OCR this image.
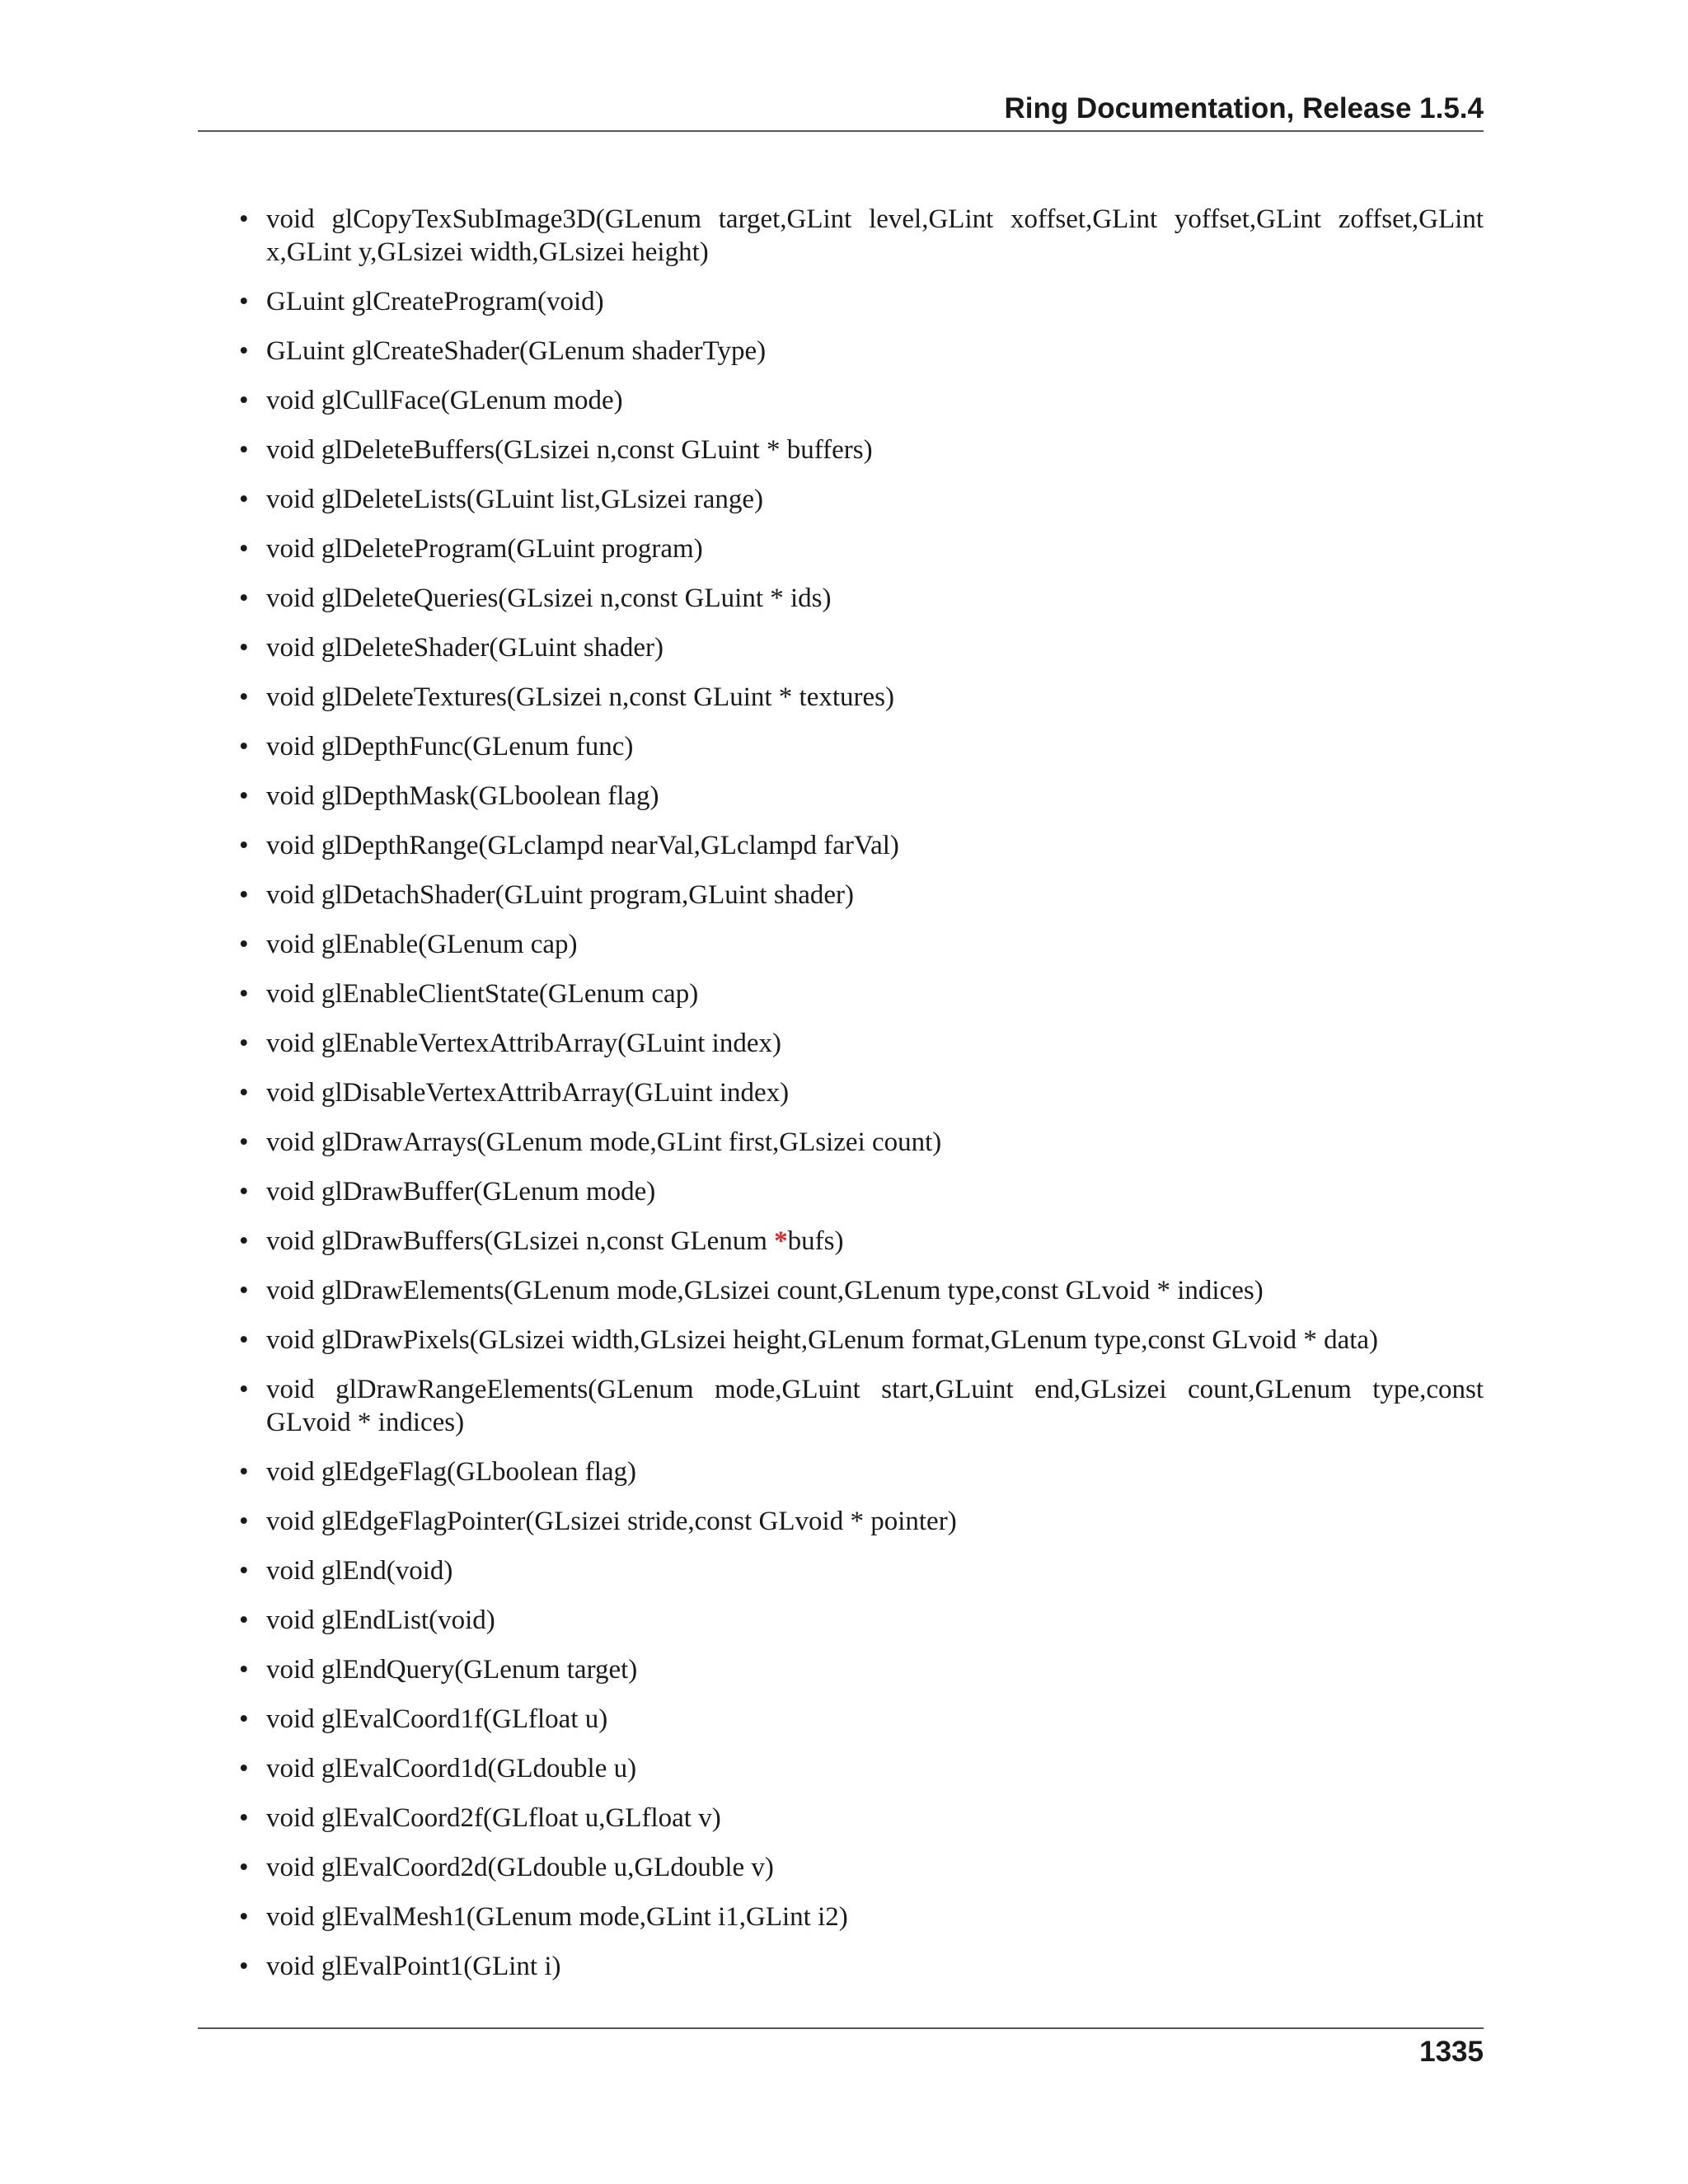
Ring Documentation, Release 1.5.4
• void glCopyTexSubImage3D(GLenum target,GLint level,GLint xoffset,GLint yoffset,GLint zoffset,GLint x,GLint y,GLsizei width,GLsizei height)
• GLuint glCreateProgram(void)
• GLuint glCreateShader(GLenum shaderType)
• void glCullFace(GLenum mode)
• void glDeleteBuffers(GLsizei n,const GLuint * buffers)
• void glDeleteLists(GLuint list,GLsizei range)
• void glDeleteProgram(GLuint program)
• void glDeleteQueries(GLsizei n,const GLuint * ids)
• void glDeleteShader(GLuint shader)
• void glDeleteTextures(GLsizei n,const GLuint * textures)
• void glDepthFunc(GLenum func)
• void glDepthMask(GLboolean flag)
• void glDepthRange(GLclampd nearVal,GLclampd farVal)
• void glDetachShader(GLuint program,GLuint shader)
• void glEnable(GLenum cap)
• void glEnableClientState(GLenum cap)
• void glEnableVertexAttribArray(GLuint index)
• void glDisableVertexAttribArray(GLuint index)
• void glDrawArrays(GLenum mode,GLint first,GLsizei count)
• void glDrawBuffer(GLenum mode)
• void glDrawBuffers(GLsizei n,const GLenum *bufs)
• void glDrawElements(GLenum mode,GLsizei count,GLenum type,const GLvoid * indices)
• void glDrawPixels(GLsizei width,GLsizei height,GLenum format,GLenum type,const GLvoid * data)
• void glDrawRangeElements(GLenum mode,GLuint start,GLuint end,GLsizei count,GLenum type,const GLvoid * indices)
• void glEdgeFlag(GLboolean flag)
• void glEdgeFlagPointer(GLsizei stride,const GLvoid * pointer)
• void glEnd(void)
• void glEndList(void)
• void glEndQuery(GLenum target)
• void glEvalCoord1f(GLfloat u)
• void glEvalCoord1d(GLdouble u)
• void glEvalCoord2f(GLfloat u,GLfloat v)
• void glEvalCoord2d(GLdouble u,GLdouble v)
• void glEvalMesh1(GLenum mode,GLint i1,GLint i2)
• void glEvalPoint1(GLint i)
1335
